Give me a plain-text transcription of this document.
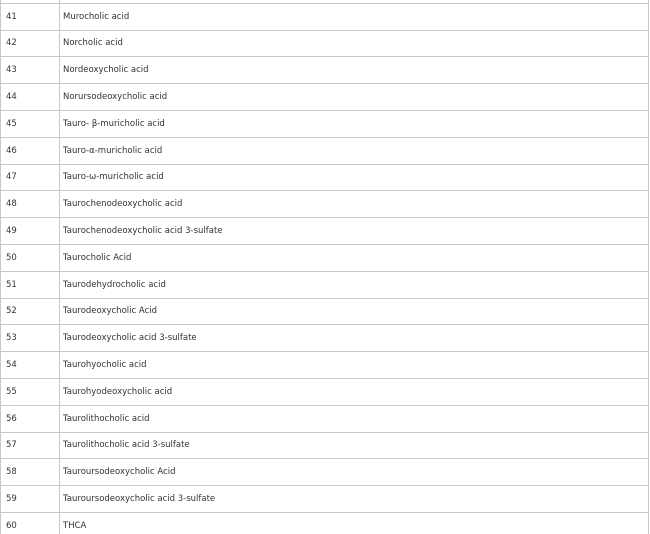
41	Murocholic acid
42	Norcholic acid
43	Nordeoxycholic acid
44	Norursodeoxycholic acid
45	Tauro- β-muricholic acid
46	Tauro-α-muricholic acid
47	Tauro-ω-muricholic acid
48	Taurochenodeoxycholic acid
49	Taurochenodeoxycholic acid 3-sulfate
50	Taurocholic Acid
51	Taurodehydrocholic acid
52	Taurodeoxycholic Acid
53	Taurodeoxycholic acid 3-sulfate
54	Taurohyocholic acid
55	Taurohyodeoxycholic acid
56	Taurolithocholic acid
57	Taurolithocholic acid 3-sulfate
58	Tauroursodeoxycholic Acid
59	Tauroursodeoxycholic acid 3-sulfate
60	THCA
